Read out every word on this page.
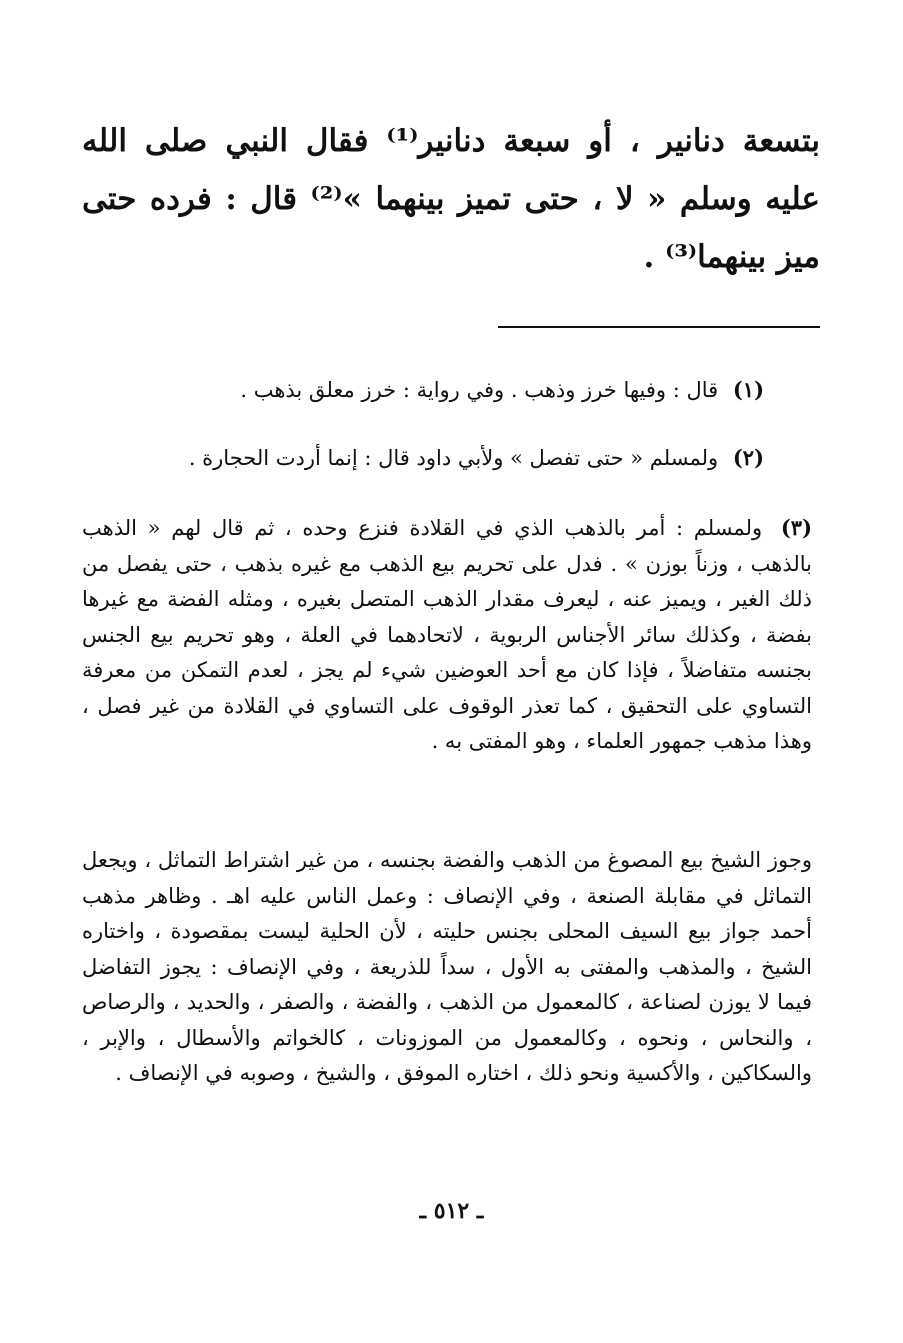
بتسعة دنانير ، أو سبعة دنانير⁽¹⁾ فقال النبي صلى الله عليه وسلم « لا ، حتى تميز بينهما »⁽²⁾ قال : فرده حتى ميز بينهما⁽³⁾ .

(١) قال : وفيها خرز وذهب . وفي رواية : خرز معلق بذهب .

(٢) ولمسلم « حتى تفصل » ولأبي داود قال : إنما أردت الحجارة .

(٣) ولمسلم : أمر بالذهب الذي في القلادة فنزع وحده ، ثم قال لهم « الذهب بالذهب ، وزناً بوزن » . فدل على تحريم بيع الذهب مع غيره بذهب ، حتى يفصل من ذلك الغير ، ويميز عنه ، ليعرف مقدار الذهب المتصل بغيره ، ومثله الفضة مع غيرها بفضة ، وكذلك سائر الأجناس الربوية ، لاتحادهما في العلة ، وهو تحريم بيع الجنس بجنسه متفاضلاً ، فإذا كان مع أحد العوضين شيء لم يجز ، لعدم التمكن من معرفة التساوي على التحقيق ، كما تعذر الوقوف على التساوي في القلادة من غير فصل ، وهذا مذهب جمهور العلماء ، وهو المفتى به .

وجوز الشيخ بيع المصوغ من الذهب والفضة بجنسه ، من غير اشتراط التماثل ، ويجعل التماثل في مقابلة الصنعة ، وفي الإنصاف : وعمل الناس عليه اهـ . وظاهر مذهب أحمد جواز بيع السيف المحلى بجنس حليته ، لأن الحلية ليست بمقصودة ، واختاره الشيخ ، والمذهب والمفتى به الأول ، سداً للذريعة ، وفي الإنصاف : يجوز التفاضل فيما لا يوزن لصناعة ، كالمعمول من الذهب ، والفضة ، والصفر ، والحديد ، والرصاص ، والنحاس ، ونحوه ، وكالمعمول من الموزونات ، كالخواتم والأسطال ، والإبر ، والسكاكين ، والأكسية ونحو ذلك ، اختاره الموفق ، والشيخ ، وصوبه في الإنصاف .

ـ ٥١٢ ـ
